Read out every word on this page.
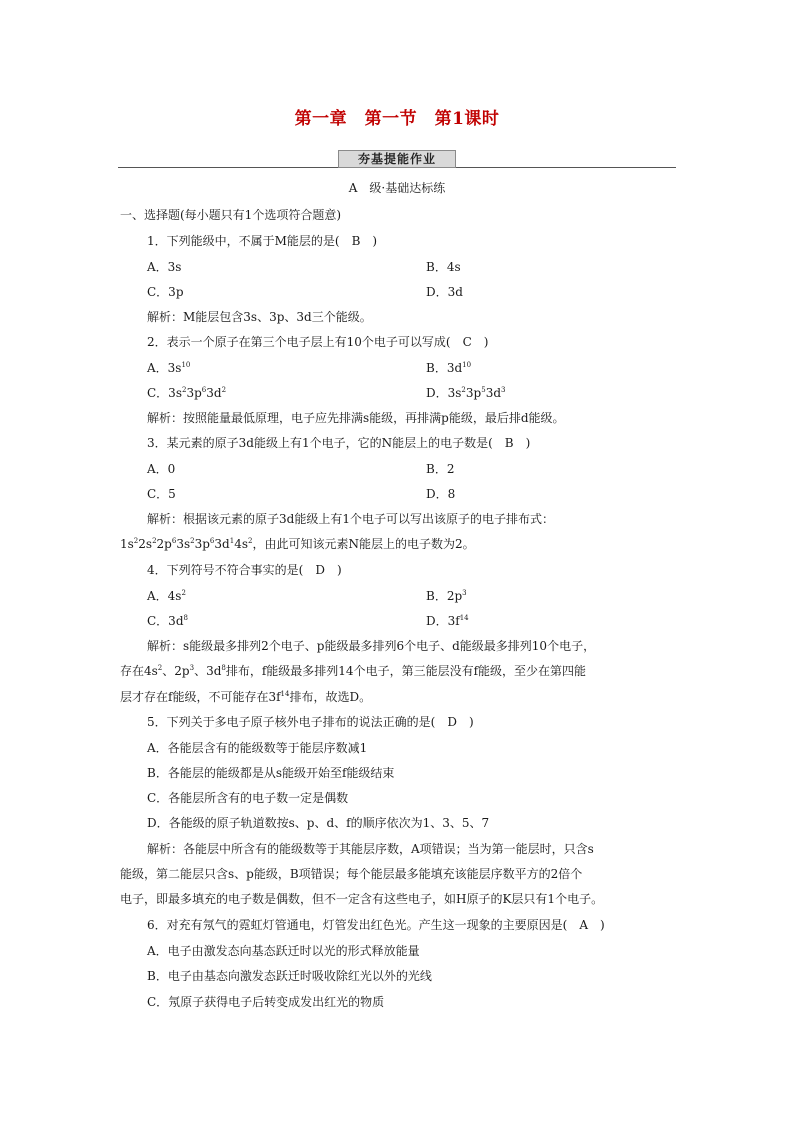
第一章　第一节　第1课时
夯基提能作业
A　级·基础达标练
一、选择题(每小题只有1个选项符合题意)
1．下列能级中，不属于M能层的是(　B　)
A．3s	B．4s
C．3p	D．3d
解析：M能层包含3s、3p、3d三个能级。
2．表示一个原子在第三个电子层上有10个电子可以写成(　C　)
A．$3s^{10}$	B．$3d^{10}$
C．$3s^23p^63d^2$	D．$3s^23p^53d^3$
解析：按照能量最低原理，电子应先排满s能级，再排满p能级，最后排d能级。
3．某元素的原子3d能级上有1个电子，它的N能层上的电子数是(　B　)
A．0	B．2
C．5	D．8
解析：根据该元素的原子3d能级上有1个电子可以写出该原子的电子排布式：
$1s^22s^22p^63s^23p^63d^14s^2$，由此可知该元素N能层上的电子数为2。
4．下列符号不符合事实的是(　D　)
A．$4s^2$	B．$2p^3$
C．$3d^8$	D．$3f^{14}$
解析：s能级最多排列2个电子、p能级最多排列6个电子、d能级最多排列10个电子，
存在$4s^2$、$2p^3$、$3d^8$排布，f能级最多排列14个电子，第三能层没有f能级，至少在第四能
层才存在f能级，不可能存在$3f^{14}$排布，故选D。
5．下列关于多电子原子核外电子排布的说法正确的是(　D　)
A．各能层含有的能级数等于能层序数减1
B．各能层的能级都是从s能级开始至f能级结束
C．各能层所含有的电子数一定是偶数
D．各能级的原子轨道数按s、p、d、f的顺序依次为1、3、5、7
解析：各能层中所含有的能级数等于其能层序数，A项错误；当为第一能层时，只含s
能级，第二能层只含s、p能级，B项错误；每个能层最多能填充该能层序数平方的2倍个
电子，即最多填充的电子数是偶数，但不一定含有这些电子，如H原子的K层只有1个电子。
6．对充有氖气的霓虹灯管通电，灯管发出红色光。产生这一现象的主要原因是(　A　)
A．电子由激发态向基态跃迁时以光的形式释放能量
B．电子由基态向激发态跃迁时吸收除红光以外的光线
C．氖原子获得电子后转变成发出红光的物质
